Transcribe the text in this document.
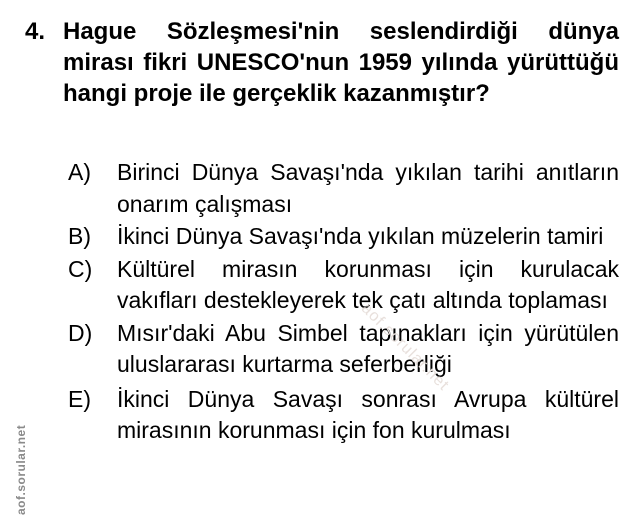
4. Hague Sözleşmesi'nin seslendirdiği dünya mirası fikri UNESCO'nun 1959 yılında yürüttüğü hangi proje ile gerçeklik kazanmıştır?
A)	Birinci Dünya Savaşı'nda yıkılan tarihi anıtların onarım çalışması
B)	İkinci Dünya Savaşı'nda yıkılan müzelerin tamiri
C)	Kültürel mirasın korunması için kurulacak vakıfları destekleyerek tek çatı altında toplaması
D)	Mısır'daki Abu Simbel tapınakları için yürütülen uluslararası kurtarma seferberliği
E)	İkinci Dünya Savaşı sonrası Avrupa kültürel mirasının korunması için fon kurulması
aof.sorular.net
aof.sorular.net
